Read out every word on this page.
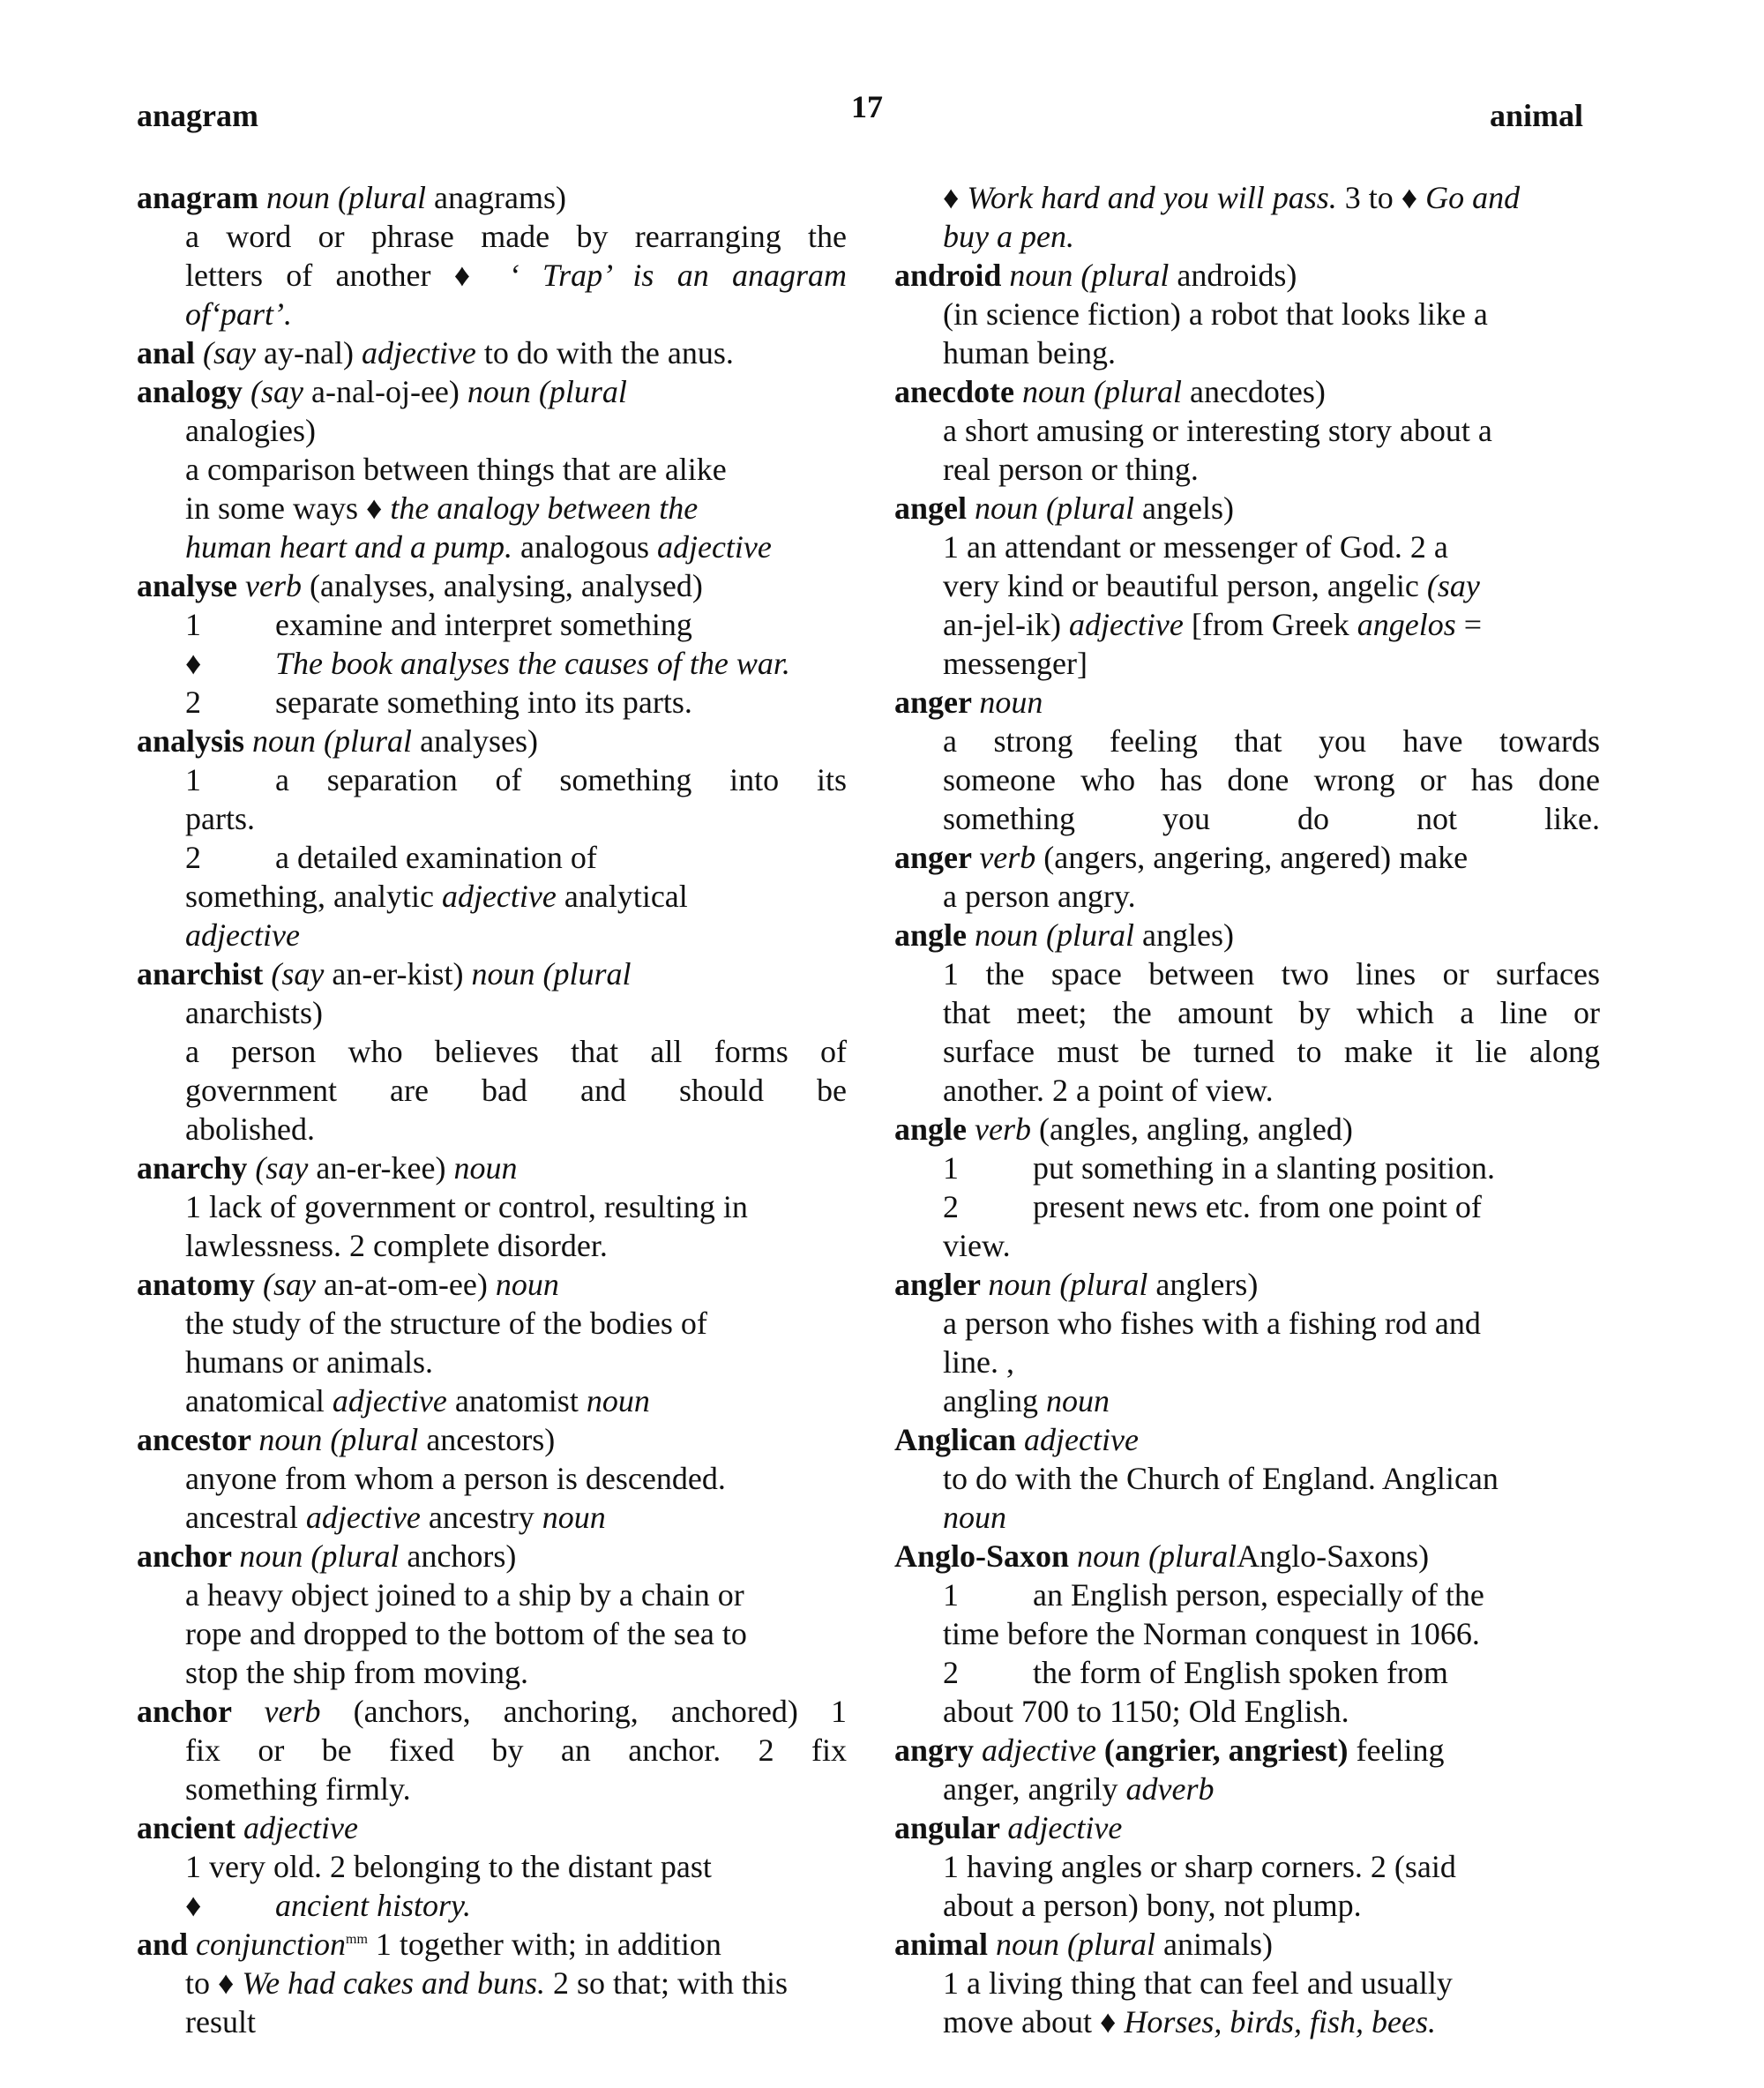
anagram	17	animal
anagram noun (plural anagrams)
a word or phrase made by rearranging the
letters of another ♦ ‘ Trap’ is an anagram
of‘part’.
anal (say ay-nal) adjective to do with the anus.
analogy (say a-nal-oj-ee) noun (plural
analogies)
a comparison between things that are alike
in some ways ♦ the analogy between the
human heart and a pump. analogous adjective
analyse verb (analyses, analysing, analysed)
1 examine and interpret something
♦ The book analyses the causes of the war.
2 separate something into its parts.
analysis noun (plural analyses)
1 a separation of something into its
parts.
2 a detailed examination of
something, analytic adjective analytical
adjective
anarchist (say an-er-kist) noun (plural
anarchists)
a person who believes that all forms of
government are bad and should be
abolished.
anarchy (say an-er-kee) noun
1 lack of government or control, resulting in
lawlessness. 2 complete disorder.
anatomy (say an-at-om-ee) noun
the study of the structure of the bodies of
humans or animals.
anatomical adjective anatomist noun
ancestor noun (plural ancestors)
anyone from whom a person is descended.
ancestral adjective ancestry noun
anchor noun (plural anchors)
a heavy object joined to a ship by a chain or
rope and dropped to the bottom of the sea to
stop the ship from moving.
anchor verb (anchors, anchoring, anchored) 1
fix or be fixed by an anchor. 2 fix
something firmly.
ancient adjective
1 very old. 2 belonging to the distant past
♦ ancient history.
and conjunction$^{mm}$ 1 together with; in addition
to ♦ We had cakes and buns. 2 so that; with this
result
♦ Work hard and you will pass. 3 to ♦ Go and
buy a pen.
android noun (plural androids)
(in science fiction) a robot that looks like a
human being.
anecdote noun (plural anecdotes)
a short amusing or interesting story about a
real person or thing.
angel noun (plural angels)
1 an attendant or messenger of God. 2 a
very kind or beautiful person, angelic (say
an-jel-ik) adjective [from Greek angelos =
messenger]
anger noun
a strong feeling that you have towards
someone who has done wrong or has done
something you do not like.
anger verb (angers, angering, angered) make
a person angry.
angle noun (plural angles)
1 the space between two lines or surfaces
that meet; the amount by which a line or
surface must be turned to make it lie along
another. 2 a point of view.
angle verb (angles, angling, angled)
1 put something in a slanting position.
2 present news etc. from one point of
view.
angler noun (plural anglers)
a person who fishes with a fishing rod and
line. ,
angling noun
Anglican adjective
to do with the Church of England. Anglican
noun
Anglo-Saxon noun (pluralAnglo-Saxons)
1 an English person, especially of the
time before the Norman conquest in 1066.
2 the form of English spoken from
about 700 to 1150; Old English.
angry adjective (angrier, angriest) feeling
anger, angrily adverb
angular adjective
1 having angles or sharp corners. 2 (said
about a person) bony, not plump.
animal noun (plural animals)
1 a living thing that can feel and usually
move about ♦ Horses, birds, fish, bees.
